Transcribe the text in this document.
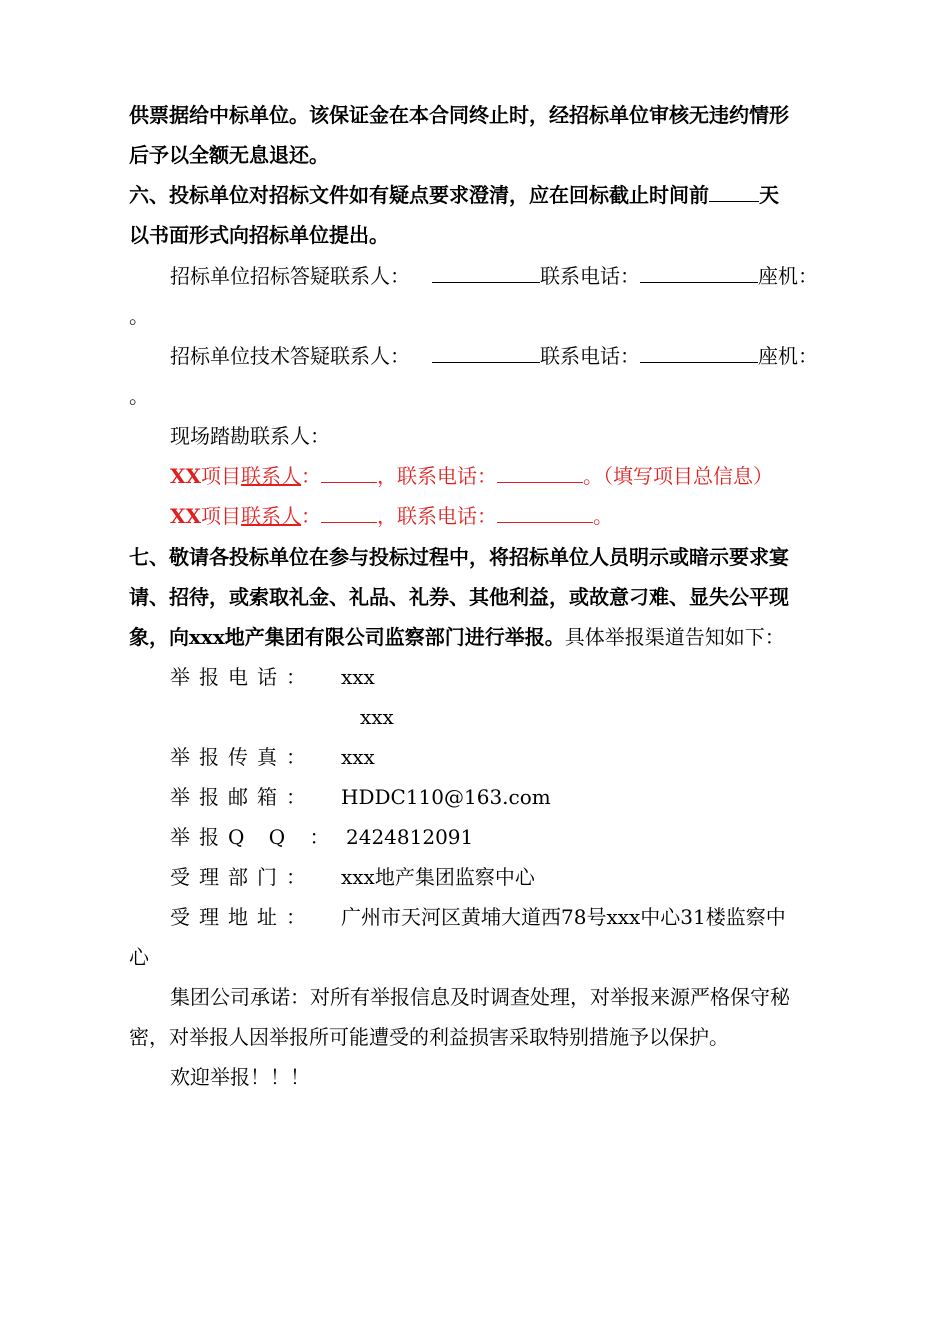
供票据给中标单位。该保证金在本合同终止时，经招标单位审核无违约情形
后予以全额无息退还。
六、投标单位对招标文件如有疑点要求澄清，应在回标截止时间前	天
以书面形式向招标单位提出。
招标单位招标答疑联系人：	联系电话：	座机：
。
招标单位技术答疑联系人：	联系电话：	座机：
。
现场踏勘联系人：
XX项目联系人：	，联系电话：	。（填写项目总信息）
XX项目联系人：	，联系电话：	。
七、敬请各投标单位在参与投标过程中，将招标单位人员明示或暗示要求宴
请、招待，或索取礼金、礼品、礼券、其他利益，或故意刁难、显失公平现
象，向xxx地产集团有限公司监察部门进行举报。具体举报渠道告知如下：
举报电话： xxx
xxx
举报传真： xxx
举报邮箱： HDDC110@163.com
举报Q Q ： 2424812091
受理部门： xxx地产集团监察中心
受理地址： 广州市天河区黄埔大道西78号xxx中心31楼监察中
心
集团公司承诺：对所有举报信息及时调查处理，对举报来源严格保守秘
密，对举报人因举报所可能遭受的利益损害采取特别措施予以保护。
欢迎举报！！！
